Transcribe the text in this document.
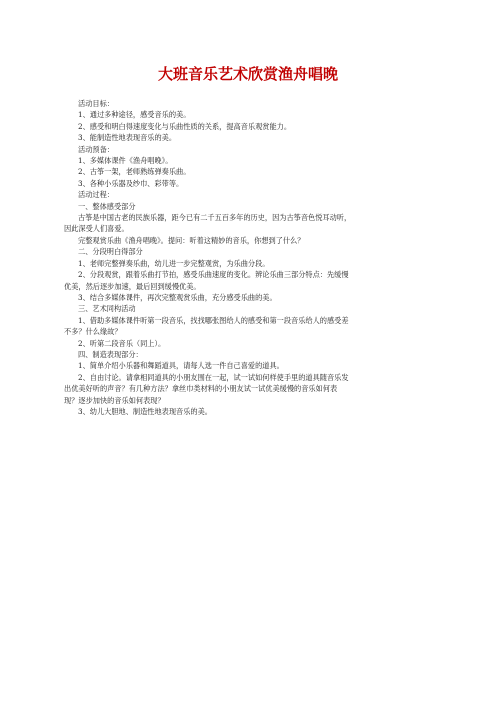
大班音乐艺术欣赏渔舟唱晚
活动目标：
1、通过多种途径，感受音乐的美。
2、感受和明白得速度变化与乐曲性质的关系，提高音乐观赏能力。
3、能制造性地表现音乐的美。
活动预备：
1、多媒体课件《渔舟唱晚》。
2、古筝一架，老师熟练弹奏乐曲。
3、各种小乐器及纱巾、彩带等。
活动过程：
一、整体感受部分
古筝是中国古老的民族乐器，距今已有二千五百多年的历史，因为古筝音色悦耳动听，
因此深受人们喜爱。
完整观赏乐曲《渔舟唱晚》。提问：听着这精妙的音乐，你想到了什么？
二、分段明白得部分
1、老师完整弹奏乐曲，幼儿进一步完整观赏，为乐曲分段。
2、分段观赏，跟着乐曲打节拍，感受乐曲速度的变化。辨论乐曲三部分特点：先缓慢
优美，然后逐步加速，最后回到缓慢优美。
3、结合多媒体课件，再次完整观赏乐曲，充分感受乐曲的美。
三、艺术同构活动
1、借助多媒体课件听第一段音乐，找找哪张图给人的感受和第一段音乐给人的感受差
不多？什么缘故？
2、听第二段音乐（同上）。
四、制造表现部分：
1、简单介绍小乐器和舞蹈道具，请每人选一件自己喜爱的道具。
2、自由讨论。请拿相同道具的小朋友围在一起，试一试如何样使手里的道具随音乐发
出优美好听的声音？有几种方法？拿丝巾类材料的小朋友试一试优美缓慢的音乐如何表
现？逐步加快的音乐如何表现？
3、幼儿大胆地、制造性地表现音乐的美。
